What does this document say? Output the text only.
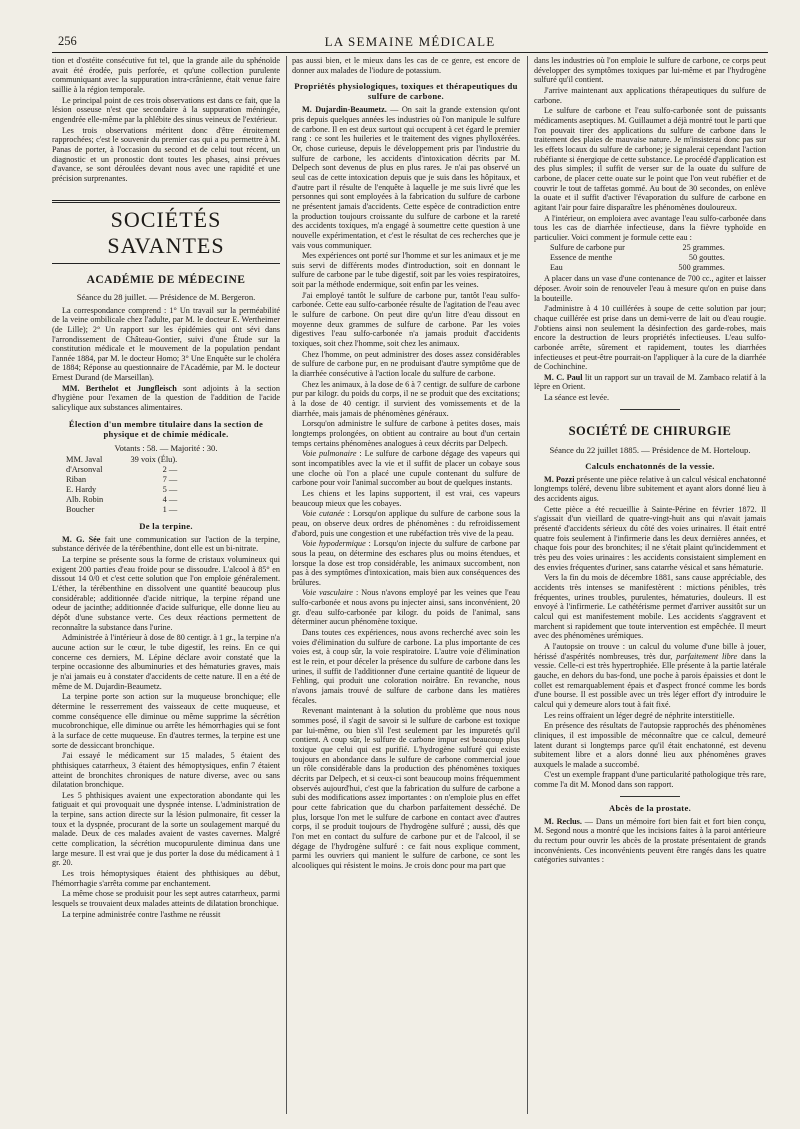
256	LA SEMAINE MÉDICALE

tion et d'ostéite consécutive fut tel, que la grande aile du sphénoïde avait été érodée, puis perforée, et qu'une collection purulente communiquant avec la suppuration intra-crânienne, était venue faire saillie à la région temporale.

Le principal point de ces trois observations est dans ce fait, que la lésion osseuse n'est que secondaire à la suppuration méningée, engendrée elle-même par la phlébite des sinus veineux de l'extérieur.

Les trois observations méritent donc d'être étroitement rapprochées; c'est le souvenir du premier cas qui a pu permettre à M. Panas de porter, à l'occasion du second et de celui tout récent, un diagnostic et un pronostic dont toutes les phases, ainsi prévues d'avance, se sont déroulées devant nous avec une rapidité et une précision surprenantes.

SOCIÉTÉS SAVANTES
ACADÉMIE DE MÉDECINE
Séance du 28 juillet. — Présidence de M. Bergeron.

La correspondance comprend : 1° Un travail sur la perméabilité de la veine ombilicale chez l'adulte, par M. le docteur E. Wertheimer (de Lille); 2° Un rapport sur les épidémies qui ont sévi dans l'arrondissement de Château-Gontier, suivi d'une Étude sur la constitution médicale et le mouvement de la population pendant l'année 1884, par M. le docteur Homo; 3° Une Enquête sur le choléra de 1884; Réponse au questionnaire de l'Académie, par M. le docteur Ernest Durand (de Marseillan).

MM. Berthelot et Jungfleisch sont adjoints à la section d'hygiène pour l'examen de la question de l'addition de l'acide salicylique aux substances alimentaires.

Élection d'un membre titulaire dans la section de physique et de chimie médicale.
Votants : 58. — Majorité : 30.
MM. Javal	39 voix (Élu).
d'Arsonval	2 —
Riban	7 —
E. Hardy	5 —
Alb. Robin	4 —
Boucher	1 —
De la terpine.

M. G. Sée fait une communication sur l'action de la terpine, substance dérivée de la térébenthine, dont elle est un bi-nitrate.

La terpine se présente sous la forme de cristaux volumineux qui exigent 200 parties d'eau froide pour se dissoudre. L'alcool à 85° en dissout 14 0/0 et c'est cette solution que l'on emploie généralement. L'éther, la térébenthine en dissolvent une quantité beaucoup plus considérable; additionnée d'acide nitrique, la terpine répand une odeur de jacinthe; additionnée d'acide sulfurique, elle donne lieu au dépôt d'une substance verte. Ces deux réactions permettent de reconnaître la substance dans l'urine.

Administrée à l'intérieur à dose de 80 centigr. à 1 gr., la terpine n'a aucune action sur le cœur, le tube digestif, les reins. En ce qui concerne ces derniers, M. Lépine déclare avoir constaté que la terpine occasionne des albuminuries et des hématuries graves, mais je n'ai jamais eu à constater d'accidents de cette nature. Il en a été de même de M. Dujardin-Beaumetz.

La terpine porte son action sur la muqueuse bronchique; elle détermine le resserrement des vaisseaux de cette muqueuse, et comme conséquence elle diminue ou même supprime la sécrétion mucobronchique, elle diminue ou arrête les hémorrhagies qui se font à la surface de cette muqueuse. En d'autres termes, la terpine est une sorte de dessiccant bronchique.

J'ai essayé le médicament sur 15 malades, 5 étaient des phthisiques catarrheux, 3 étaient des hémoptysiques, enfin 7 étaient atteint de bronchites chroniques de nature diverse, avec ou sans dilatation bronchique.

Les 5 phthisiques avaient une expectoration abondante qui les fatiguait et qui provoquait une dyspnée intense. L'administration de la terpine, sans action directe sur la lésion pulmonaire, fit cesser la toux et la dyspnée, procurant de la sorte un soulagement marqué du malade. Deux de ces malades avaient de vastes cavernes. Malgré cette complication, la sécrétion mucopurulente diminua dans une large mesure. Il est vrai que je dus porter la dose du médicament à 1 gr. 20.

Les trois hémoptysiques étaient des phthisiques au début, l'hémorrhagie s'arrêta comme par enchantement.

La même chose se produisit pour les sept autres catarrheux, parmi lesquels se trouvaient deux malades atteints de dilatation bronchique.

La terpine administrée contre l'asthme ne réussit

pas aussi bien, et le mieux dans les cas de ce genre, est encore de donner aux malades de l'iodure de potassium.

Propriétés physiologiques, toxiques et thérapeutiques du sulfure de carbone.

M. Dujardin-Beaumetz. — On sait la grande extension qu'ont pris depuis quelques années les industries où l'on manipule le sulfure de carbone. Il en est deux surtout qui occupent à cet égard le premier rang : ce sont les huileries et le traitement des vignes phylloxérées. Or, chose curieuse, depuis le développement pris par l'industrie du sulfure de carbone, les accidents d'intoxication décrits par M. Delpech sont devenus de plus en plus rares. Je n'ai pas observé un seul cas de cette intoxication depuis que je suis dans les hôpitaux, et d'autre part il résulte de l'enquête à laquelle je me suis livré que les personnes qui sont employées à la fabrication du sulfure de carbone ne présentent jamais d'accidents. Cette espèce de contradiction entre la production toujours croissante du sulfure de carbone et la rareté des accidents toxiques, m'a engagé à soumettre cette question à une nouvelle expérimentation, et c'est le résultat de ces recherches que je vais vous communiquer.

Mes expériences ont porté sur l'homme et sur les animaux et je me suis servi de différents modes d'introduction, soit en donnant le sulfure de carbone par le tube digestif, soit par les voies respiratoires, soit par la méthode endermique, soit enfin par les veines.

J'ai employé tantôt le sulfure de carbone pur, tantôt l'eau sulfo-carbonée. Cette eau sulfo-carbonée résulte de l'agitation de l'eau avec le sulfure de carbone. On peut dire qu'un litre d'eau dissout en moyenne deux grammes de sulfure de carbone. Par les voies digestives l'eau sulfo-carbonée n'a jamais produit d'accidents toxiques, soit chez l'homme, soit chez les animaux.

Chez l'homme, on peut administrer des doses assez considérables de sulfure de carbone pur, en ne produisant d'autre symptôme que de la diarrhée consécutive à l'action locale du sulfure de carbone.

Chez les animaux, à la dose de 6 à 7 centigr. de sulfure de carbone pur par kilogr. du poids du corps, il ne se produit que des excitations; à la dose de 40 centigr. il survient des vomissements et de la diarrhée, mais jamais de phénomènes généraux.

Lorsqu'on administre le sulfure de carbone à petites doses, mais longtemps prolongées, on obtient au contraire au bout d'un certain temps certains phénomènes analogues à ceux décrits par Delpech.

Voie pulmonaire : Le sulfure de carbone dégage des vapeurs qui sont incompatibles avec la vie et il suffit de placer un cobaye sous une cloche où l'on a placé une cupule contenant du sulfure de carbone pour voir l'animal succomber au bout de quelques instants.

Les chiens et les lapins supportent, il est vrai, ces vapeurs beaucoup mieux que les cobayes.

Voie cutanée : Lorsqu'on applique du sulfure de carbone sous la peau, on observe deux ordres de phénomènes : du refroidissement d'abord, puis une congestion et une rubéfaction très vive de la peau.

Voie hypodermique : Lorsqu'on injecte du sulfure de carbone par sous la peau, on détermine des eschares plus ou moins étendues, et lorsque la dose est trop considérable, les animaux succombent, non pas à des symptômes d'intoxication, mais bien aux conséquences des brûlures.

Voie vasculaire : Nous n'avons employé par les veines que l'eau sulfo-carbonée et nous avons pu injecter ainsi, sans inconvénient, 20 gr. d'eau sulfo-carbonée par kilogr. du poids de l'animal, sans déterminer aucun phénomène toxique.

Dans toutes ces expériences, nous avons recherché avec soin les voies d'élimination du sulfure de carbone. La plus importante de ces voies est, à coup sûr, la voie respiratoire. L'autre voie d'élimination est le rein, et pour déceler la présence du sulfure de carbone dans les urines, il suffit de l'additionner d'une certaine quantité de liqueur de Fehling, qui produit une coloration noirâtre. En revanche, nous n'avons jamais trouvé de sulfure de carbone dans les matières fécales.

Revenant maintenant à la solution du problème que nous nous sommes posé, il s'agit de savoir si le sulfure de carbone est toxique par lui-même, ou bien s'il l'est seulement par les impuretés qu'il contient. A coup sûr, le sulfure de carbone impur est beaucoup plus toxique que celui qui est purifié. L'hydrogène sulfuré qui existe toujours en abondance dans le sulfure de carbone commercial joue un rôle considérable dans la production des phénomènes toxiques décrits par Delpech, et si ceux-ci sont beaucoup moins fréquemment observés aujourd'hui, c'est que la fabrication du sulfure de carbone a subi des modifications assez importantes : on n'emploie plus en effet pour cette fabrication que du charbon parfaitement desséché. De plus, lorsque l'on met le sulfure de carbone en contact avec d'autres corps, il se produit toujours de l'hydrogène sulfuré ; aussi, dès que l'on met en contact du sulfure de carbone pur et de l'alcool, il se dégage de l'hydrogène sulfuré : ce fait nous explique comment, parmi les ouvriers qui manient le sulfure de carbone, ce sont les alcooliques qui résistent le moins. Je crois donc pour ma part que

dans les industries où l'on emploie le sulfure de carbone, ce corps peut développer des symptômes toxiques par lui-même et par l'hydrogène sulfuré qu'il contient.

J'arrive maintenant aux applications thérapeutiques du sulfure de carbone.

Le sulfure de carbone et l'eau sulfo-carbonée sont de puissants médicaments aseptiques. M. Guillaumet a déjà montré tout le parti que l'on pouvait tirer des applications du sulfure de carbone dans le traitement des plaies de mauvaise nature. Je m'insisterai donc pas sur les effets locaux du sulfure de carbone; je signalerai cependant l'action rubéfiante si énergique de cette substance. Le procédé d'application est des plus simples; il suffit de verser sur de la ouate du sulfure de carbone, de placer cette ouate sur le point que l'on veut rubéfier et de couvrir le tout de taffetas gommé. Au bout de 30 secondes, on enlève la ouate et il suffit d'activer l'évaporation du sulfure de carbone en agitant l'air pour faire disparaître les phénomènes douloureux.

A l'intérieur, on emploiera avec avantage l'eau sulfo-carbonée dans tous les cas de diarrhée infectieuse, dans la fièvre typhoïde en particulier. Voici comment je formule cette eau :

Sulfure de carbone pur	25 grammes.
Essence de menthe	50 gouttes.
Eau	500 grammes.

A placer dans un vase d'une contenance de 700 cc., agiter et laisser déposer. Avoir soin de renouveler l'eau à mesure qu'on en puise dans la bouteille.

J'administre à 4 10 cuillérées à soupe de cette solution par jour; chaque cuillérée est prise dans un demi-verre de lait ou d'eau rougie. J'obtiens ainsi non seulement la désinfection des garde-robes, mais encore la destruction de leurs propriétés infectieuses. L'eau sulfo-carbonée arrête, sûrement et rapidement, toutes les diarrhées infectieuses et peut-être pourrait-on l'appliquer à la cure de la diarrhée de Cochinchine.

M. C. Paul lit un rapport sur un travail de M. Zambaco relatif à la lèpre en Orient.

La séance est levée.

SOCIÉTÉ DE CHIRURGIE
Séance du 22 juillet 1885. — Présidence de M. Horteloup.
Calculs enchatonnés de la vessie.

M. Pozzi présente une pièce relative à un calcul vésical enchatonné longtemps toléré, devenu libre subitement et ayant alors donné lieu à des accidents aigus.

Cette pièce a été recueillie à Sainte-Périne en février 1872. Il s'agissait d'un vieillard de quatre-vingt-huit ans qui n'avait jamais présenté d'accidents sérieux du côté des voies urinaires. Il était entré quatre fois seulement à l'infirmerie dans les deux dernières années, et chaque fois pour des bronchites; il ne s'était plaint qu'incidemment et très peu des voies urinaires : les accidents consistaient simplement en des envies fréquentes d'uriner, sans catarrhe vésical et sans hématurie.

Vers la fin du mois de décembre 1881, sans cause appréciable, des accidents très intenses se manifestèrent : mictions pénibles, très fréquentes, urines troubles, purulentes, hématuries, douleurs. Il est envoyé à l'infirmerie. Le cathétérisme permet d'arriver aussitôt sur un calcul qui est manifestement mobile. Les accidents s'aggravent et marchent si rapidement que toute intervention est empêchée. Il meurt avec des phénomènes urémiques.

A l'autopsie on trouve : un calcul du volume d'une bille à jouer, hérissé d'aspérités nombreuses, très dur, parfaitement libre dans la vessie. Celle-ci est très hypertrophiée. Elle présente à la partie latérale gauche, en dehors du bas-fond, une poche à parois épaissies et dont le collet est remarquablement épais et d'aspect froncé comme les bords d'une bourse. Il est possible avec un très léger effort d'y introduire le calcul qui y demeure alors tout à fait fixé.

Les reins offraient un léger degré de néphrite interstitielle.

En présence des résultats de l'autopsie rapprochés des phénomènes cliniques, il est impossible de méconnaître que ce calcul, demeuré latent durant si longtemps parce qu'il était enchatonné, est devenu subitement libre et a alors donné lieu aux phénomènes graves auxquels le malade a succombé.

C'est un exemple frappant d'une particularité pathologique très rare, comme l'a dit M. Monod dans son rapport.

Abcès de la prostate.

M. Reclus. — Dans un mémoire fort bien fait et fort bien conçu, M. Segond nous a montré que les incisions faites à la paroi antérieure du rectum pour ouvrir les abcès de la prostate présentaient de grands inconvénients. Ces inconvénients peuvent être rangés dans les quatre catégories suivantes :
